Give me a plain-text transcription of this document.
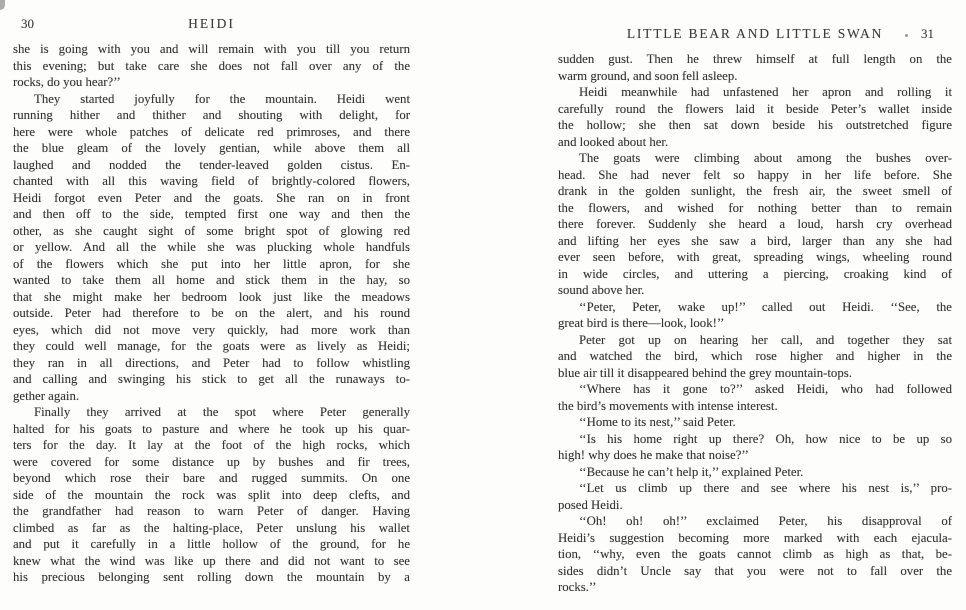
30	HEIDI
she is going with you and will remain with you till you return
this evening; but take care she does not fall over any of the
rocks, do you hear?’’
They started joyfully for the mountain. Heidi went
running hither and thither and shouting with delight, for
here were whole patches of delicate red primroses, and there
the blue gleam of the lovely gentian, while above them all
laughed and nodded the tender-leaved golden cistus. En-
chanted with all this waving field of brightly-colored flowers,
Heidi forgot even Peter and the goats. She ran on in front
and then off to the side, tempted first one way and then the
other, as she caught sight of some bright spot of glowing red
or yellow. And all the while she was plucking whole handfuls
of the flowers which she put into her little apron, for she
wanted to take them all home and stick them in the hay, so
that she might make her bedroom look just like the meadows
outside. Peter had therefore to be on the alert, and his round
eyes, which did not move very quickly, had more work than
they could well manage, for the goats were as lively as Heidi;
they ran in all directions, and Peter had to follow whistling
and calling and swinging his stick to get all the runaways to-
gether again.
Finally they arrived at the spot where Peter generally
halted for his goats to pasture and where he took up his quar-
ters for the day. It lay at the foot of the high rocks, which
were covered for some distance up by bushes and fir trees,
beyond which rose their bare and rugged summits. On one
side of the mountain the rock was split into deep clefts, and
the grandfather had reason to warn Peter of danger. Having
climbed as far as the halting-place, Peter unslung his wallet
and put it carefully in a little hollow of the ground, for he
knew what the wind was like up there and did not want to see
his precious belonging sent rolling down the mountain by a
LITTLE BEAR AND LITTLE SWAN	31
sudden gust. Then he threw himself at full length on the
warm ground, and soon fell asleep.
Heidi meanwhile had unfastened her apron and rolling it
carefully round the flowers laid it beside Peter’s wallet inside
the hollow; she then sat down beside his outstretched figure
and looked about her.
The goats were climbing about among the bushes over-
head. She had never felt so happy in her life before. She
drank in the golden sunlight, the fresh air, the sweet smell of
the flowers, and wished for nothing better than to remain
there forever. Suddenly she heard a loud, harsh cry overhead
and lifting her eyes she saw a bird, larger than any she had
ever seen before, with great, spreading wings, wheeling round
in wide circles, and uttering a piercing, croaking kind of
sound above her.
‘‘Peter, Peter, wake up!’’ called out Heidi. ‘‘See, the
great bird is there—look, look!’’
Peter got up on hearing her call, and together they sat
and watched the bird, which rose higher and higher in the
blue air till it disappeared behind the grey mountain-tops.
‘‘Where has it gone to?’’ asked Heidi, who had followed
the bird’s movements with intense interest.
‘‘Home to its nest,’’ said Peter.
‘‘Is his home right up there? Oh, how nice to be up so
high! why does he make that noise?’’
‘‘Because he can’t help it,’’ explained Peter.
‘‘Let us climb up there and see where his nest is,’’ pro-
posed Heidi.
‘‘Oh! oh! oh!’’ exclaimed Peter, his disapproval of
Heidi’s suggestion becoming more marked with each ejacula-
tion, ‘‘why, even the goats cannot climb as high as that, be-
sides didn’t Uncle say that you were not to fall over the
rocks.’’
